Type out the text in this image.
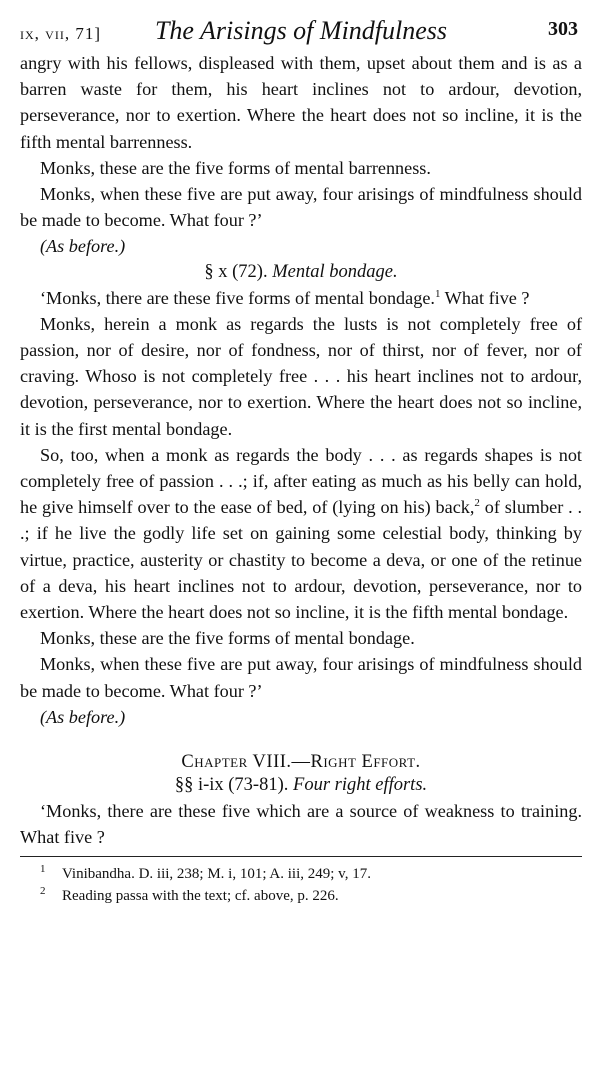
ix, vii, 71]	The Arisings of Mindfulness	303

angry with his fellows, displeased with them, upset about them and is as a barren waste for them, his heart inclines not to ardour, devotion, perseverance, nor to exertion. Where the heart does not so incline, it is the fifth mental barrenness.

Monks, these are the five forms of mental barrenness.

Monks, when these five are put away, four arisings of mindfulness should be made to become. What four ?’

(As before.)

§ x (72). Mental bondage.

‘Monks, there are these five forms of mental bondage.$^1$ What five ?

Monks, herein a monk as regards the lusts is not completely free of passion, nor of desire, nor of fondness, nor of thirst, nor of fever, nor of craving. Whoso is not completely free . . . his heart inclines not to ardour, devotion, perseverance, nor to exertion. Where the heart does not so incline, it is the first mental bondage.

So, too, when a monk as regards the body . . . as regards shapes is not completely free of passion . . .; if, after eating as much as his belly can hold, he give himself over to the ease of bed, of (lying on his) back,$^2$ of slumber . . .; if he live the godly life set on gaining some celestial body, thinking by virtue, practice, austerity or chastity to become a deva, or one of the retinue of a deva, his heart inclines not to ardour, devotion, perseverance, nor to exertion. Where the heart does not so incline, it is the fifth mental bondage.

Monks, these are the five forms of mental bondage.

Monks, when these five are put away, four arisings of mindfulness should be made to become. What four ?’

(As before.)

Chapter VIII.—Right Effort.
§§ i-ix (73-81). Four right efforts.

‘Monks, there are these five which are a source of weakness to training. What five ?

1 Vinibandha. D. iii, 238; M. i, 101; A. iii, 249; v, 17.
2 Reading passa with the text; cf. above, p. 226.
